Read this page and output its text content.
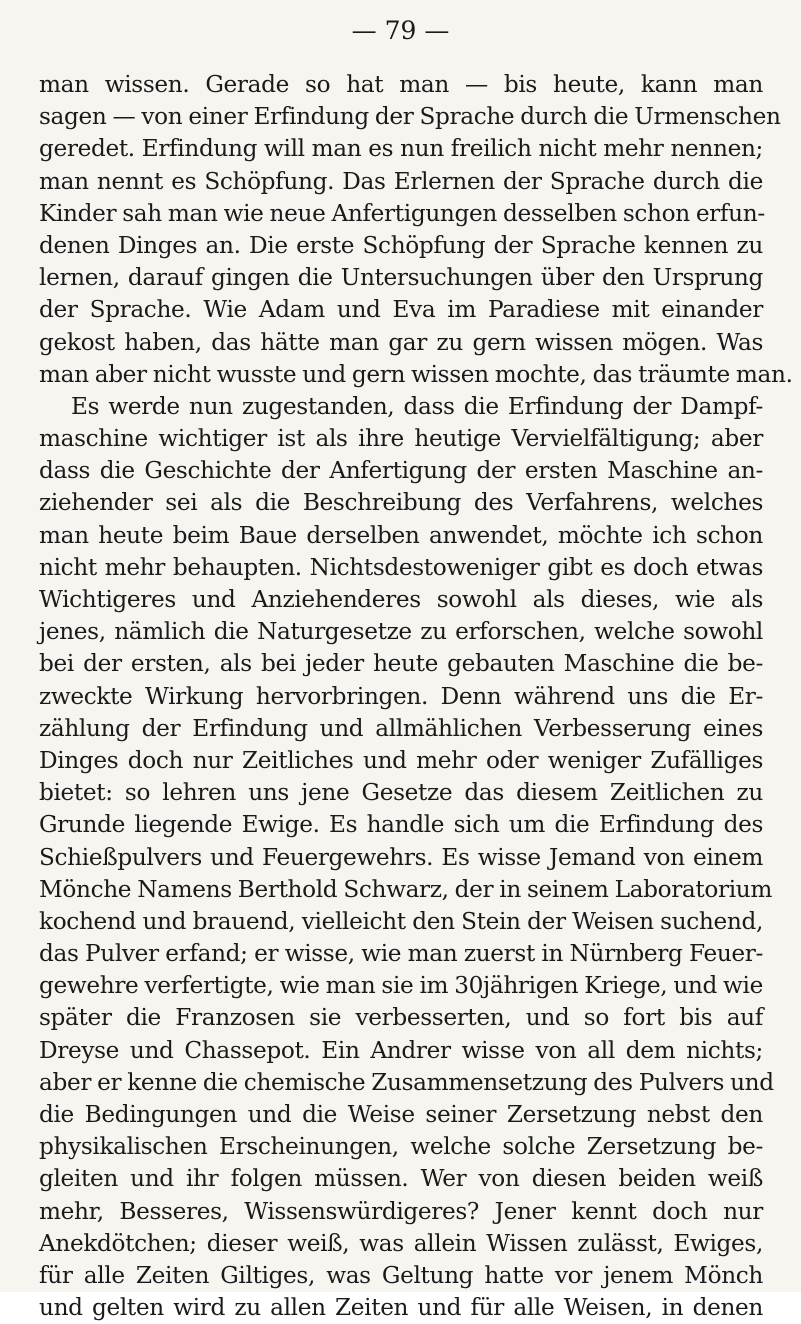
— 79 —
man wissen. Gerade so hat man — bis heute, kann man
sagen — von einer Erfindung der Sprache durch die Urmenschen
geredet. Erfindung will man es nun freilich nicht mehr nennen;
man nennt es Schöpfung. Das Erlernen der Sprache durch die
Kinder sah man wie neue Anfertigungen desselben schon erfun-
denen Dinges an. Die erste Schöpfung der Sprache kennen zu
lernen, darauf gingen die Untersuchungen über den Ursprung
der Sprache. Wie Adam und Eva im Paradiese mit einander
gekost haben, das hätte man gar zu gern wissen mögen. Was
man aber nicht wusste und gern wissen mochte, das träumte man.
Es werde nun zugestanden, dass die Erfindung der Dampf-
maschine wichtiger ist als ihre heutige Vervielfältigung; aber
dass die Geschichte der Anfertigung der ersten Maschine an-
ziehender sei als die Beschreibung des Verfahrens, welches
man heute beim Baue derselben anwendet, möchte ich schon
nicht mehr behaupten. Nichtsdestoweniger gibt es doch etwas
Wichtigeres und Anziehenderes sowohl als dieses, wie als
jenes, nämlich die Naturgesetze zu erforschen, welche sowohl
bei der ersten, als bei jeder heute gebauten Maschine die be-
zweckte Wirkung hervorbringen. Denn während uns die Er-
zählung der Erfindung und allmählichen Verbesserung eines
Dinges doch nur Zeitliches und mehr oder weniger Zufälliges
bietet: so lehren uns jene Gesetze das diesem Zeitlichen zu
Grunde liegende Ewige. Es handle sich um die Erfindung des
Schießpulvers und Feuergewehrs. Es wisse Jemand von einem
Mönche Namens Berthold Schwarz, der in seinem Laboratorium
kochend und brauend, vielleicht den Stein der Weisen suchend,
das Pulver erfand; er wisse, wie man zuerst in Nürnberg Feuer-
gewehre verfertigte, wie man sie im 30jährigen Kriege, und wie
später die Franzosen sie verbesserten, und so fort bis auf
Dreyse und Chassepot. Ein Andrer wisse von all dem nichts;
aber er kenne die chemische Zusammensetzung des Pulvers und
die Bedingungen und die Weise seiner Zersetzung nebst den
physikalischen Erscheinungen, welche solche Zersetzung be-
gleiten und ihr folgen müssen. Wer von diesen beiden weiß
mehr, Besseres, Wissenswürdigeres? Jener kennt doch nur
Anekdötchen; dieser weiß, was allein Wissen zulässt, Ewiges,
für alle Zeiten Giltiges, was Geltung hatte vor jenem Mönch
und gelten wird zu allen Zeiten und für alle Weisen, in denen
